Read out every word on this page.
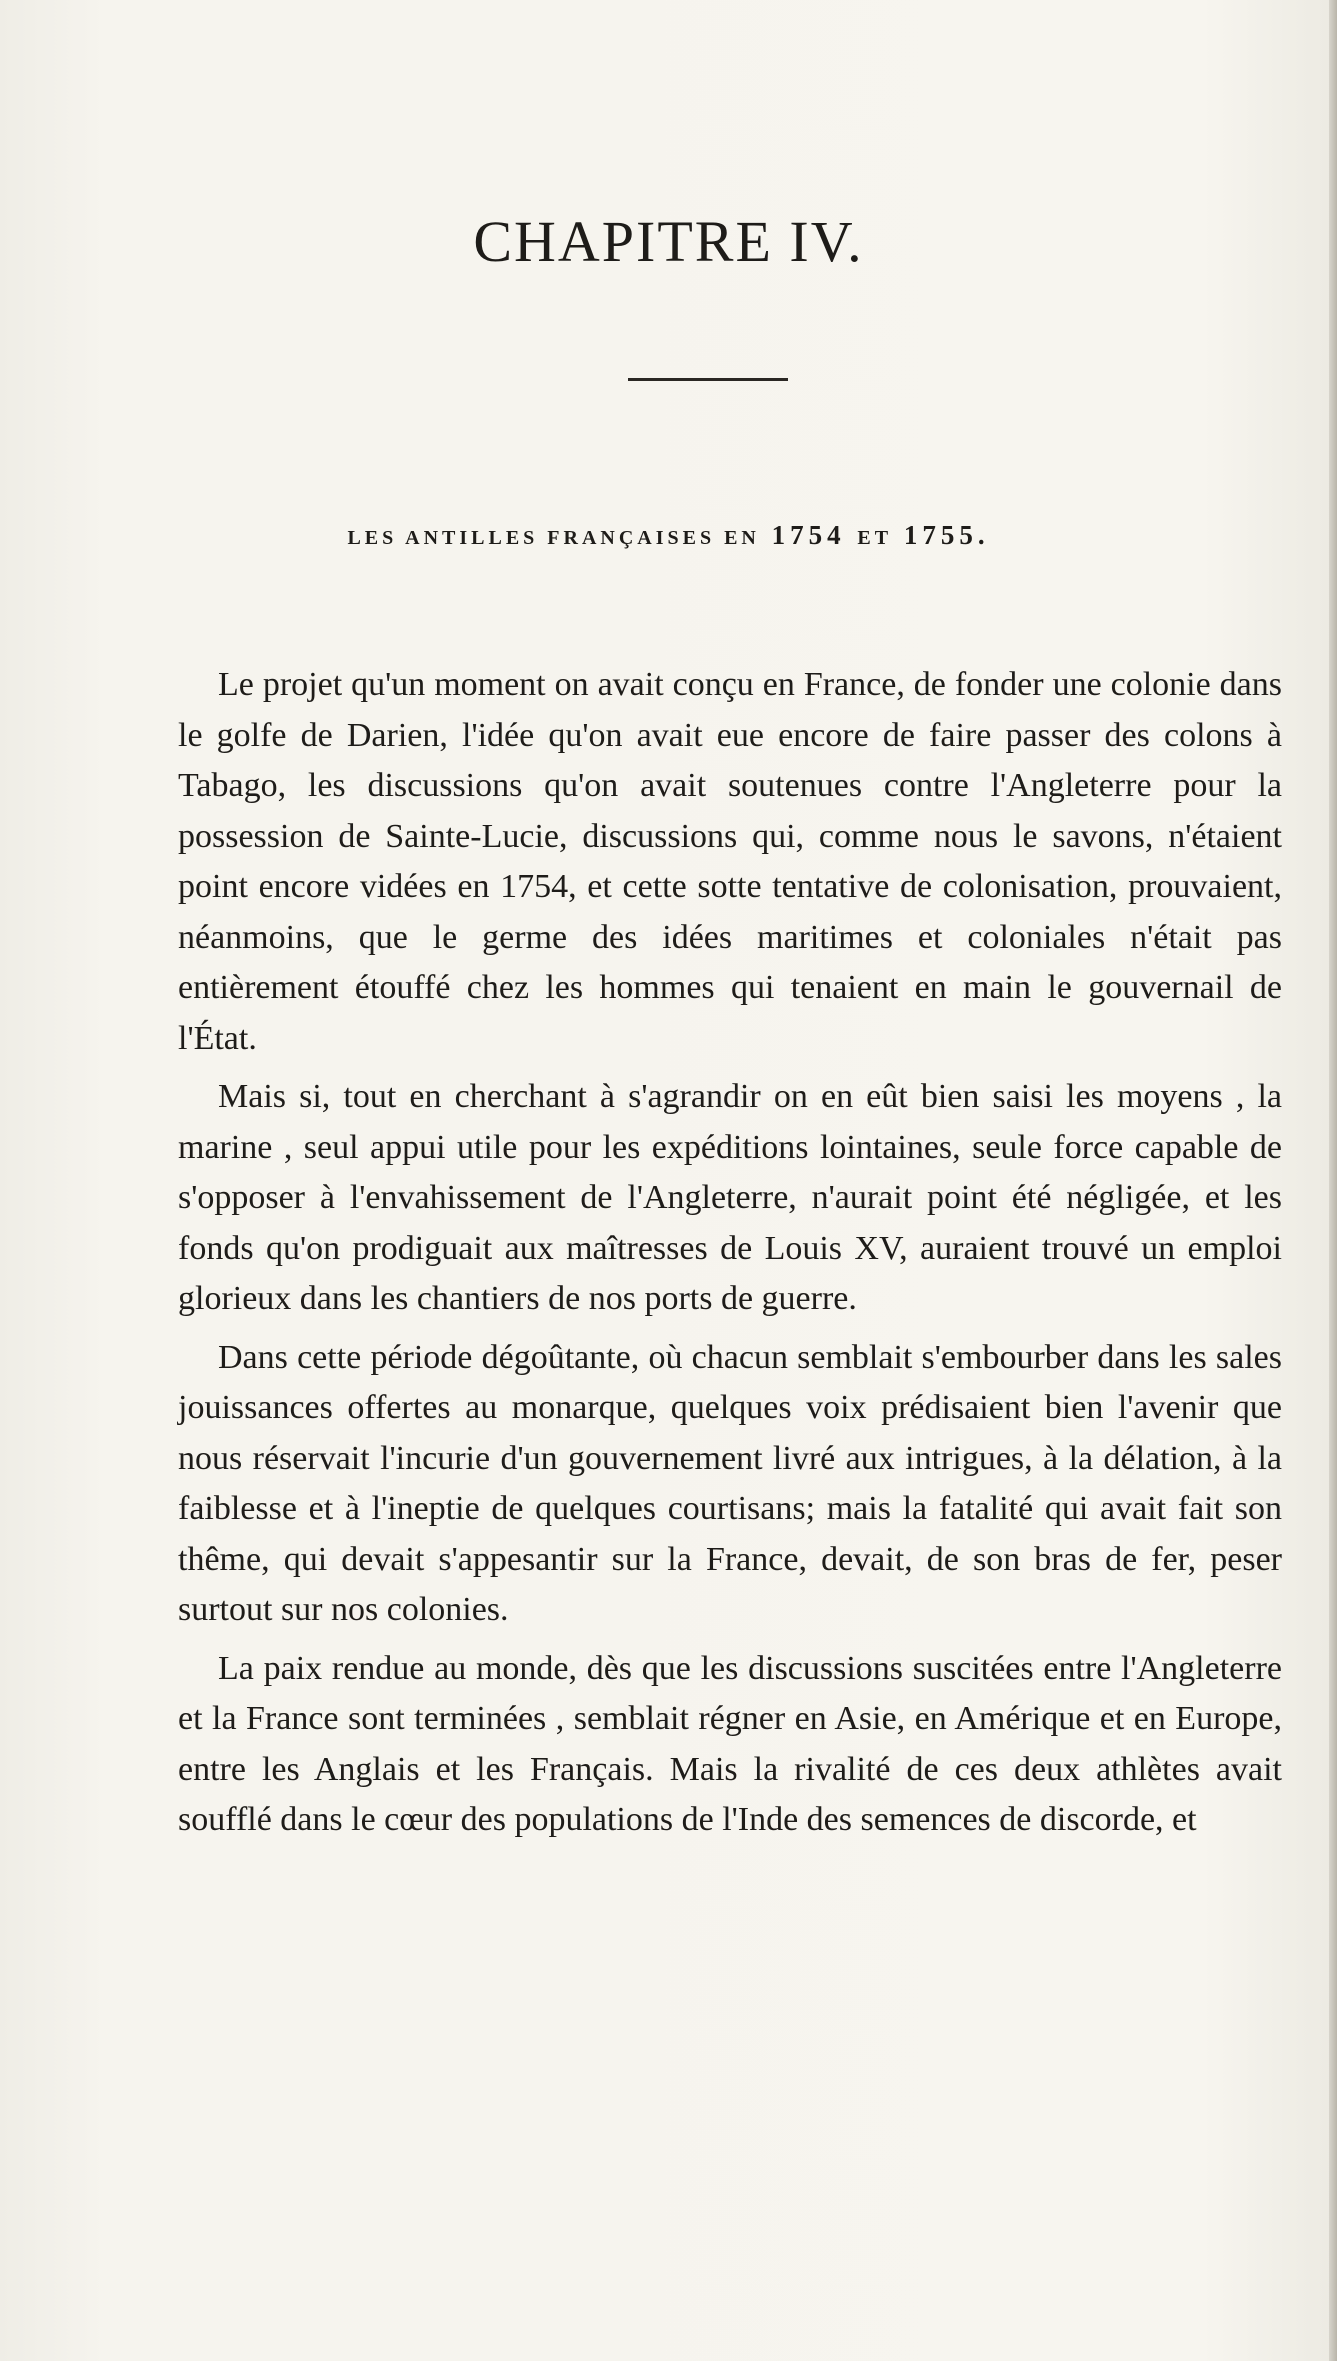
CHAPITRE IV.
LES ANTILLES FRANÇAISES EN 1754 ET 1755.

Le projet qu'un moment on avait conçu en France, de fonder une colonie dans le golfe de Darien, l'idée qu'on avait eue encore de faire passer des colons à Tabago, les discussions qu'on avait soutenues contre l'Angleterre pour la possession de Sainte-Lucie, discussions qui, comme nous le savons, n'étaient point encore vidées en 1754, et cette sotte tentative de colonisation, prouvaient, néanmoins, que le germe des idées maritimes et coloniales n'était pas entièrement étouffé chez les hommes qui tenaient en main le gouvernail de l'État.

Mais si, tout en cherchant à s'agrandir on en eût bien saisi les moyens , la marine , seul appui utile pour les expéditions lointaines, seule force capable de s'opposer à l'envahissement de l'Angleterre, n'aurait point été négligée, et les fonds qu'on prodiguait aux maîtresses de Louis XV, auraient trouvé un emploi glorieux dans les chantiers de nos ports de guerre.

Dans cette période dégoûtante, où chacun semblait s'embourber dans les sales jouissances offertes au monarque, quelques voix prédisaient bien l'avenir que nous réservait l'incurie d'un gouvernement livré aux intrigues, à la délation, à la faiblesse et à l'ineptie de quelques courtisans; mais la fatalité qui avait fait son thême, qui devait s'appesantir sur la France, devait, de son bras de fer, peser surtout sur nos colonies.

La paix rendue au monde, dès que les discussions suscitées entre l'Angleterre et la France sont terminées , semblait régner en Asie, en Amérique et en Europe, entre les Anglais et les Français. Mais la rivalité de ces deux athlètes avait soufflé dans le cœur des populations de l'Inde des semences de discorde, et
